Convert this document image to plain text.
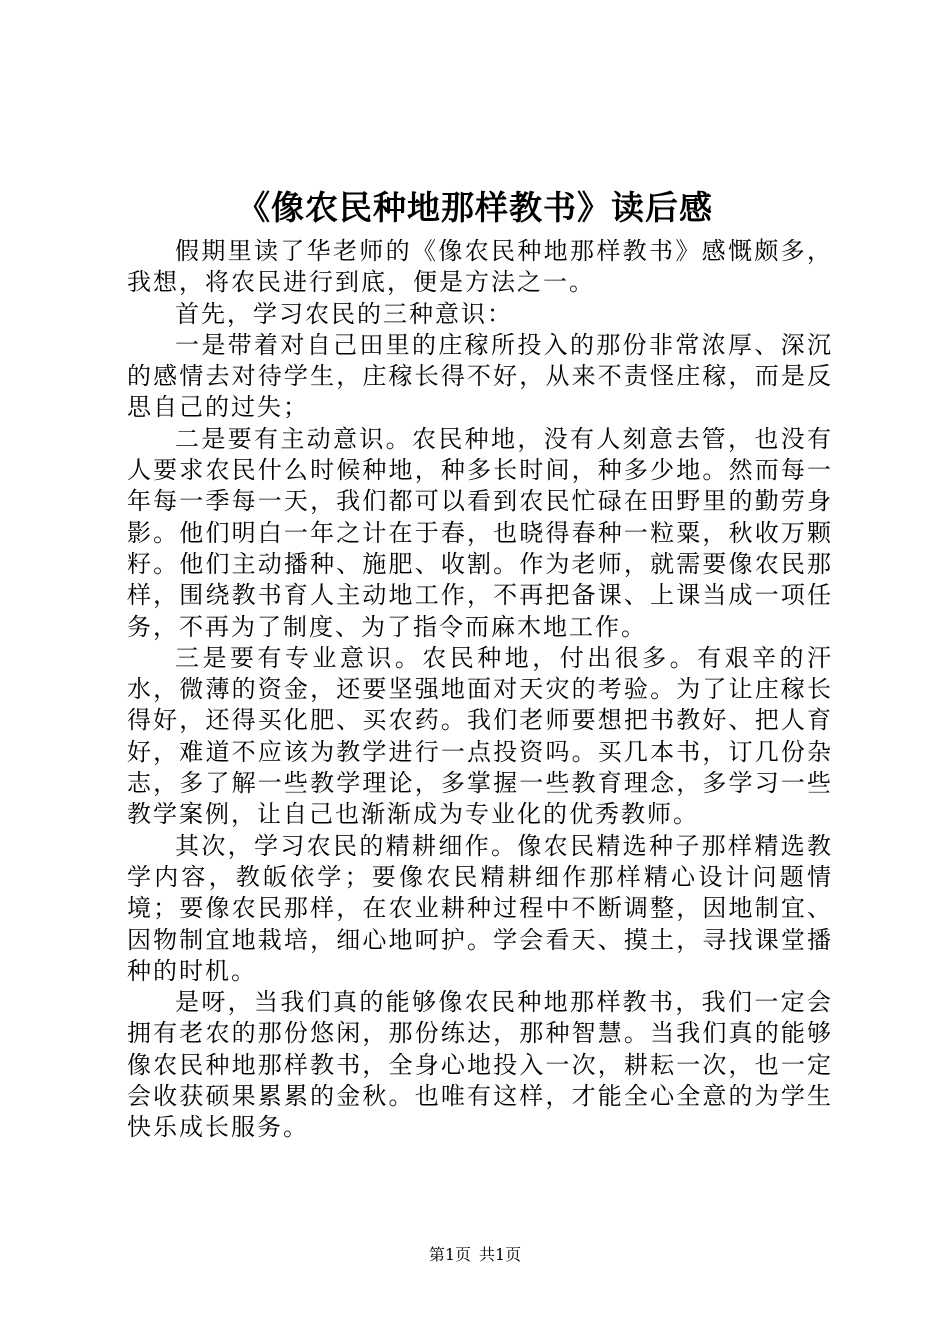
《像农民种地那样教书》读后感

假期里读了华老师的《像农民种地那样教书》感慨颇多，我想，将农民进行到底，便是方法之一。

首先，学习农民的三种意识：

一是带着对自己田里的庄稼所投入的那份非常浓厚、深沉的感情去对待学生，庄稼长得不好，从来不责怪庄稼，而是反思自己的过失；

二是要有主动意识。农民种地，没有人刻意去管，也没有人要求农民什么时候种地，种多长时间，种多少地。然而每一年每一季每一天，我们都可以看到农民忙碌在田野里的勤劳身影。他们明白一年之计在于春，也晓得春种一粒粟，秋收万颗籽。他们主动播种、施肥、收割。作为老师，就需要像农民那样，围绕教书育人主动地工作，不再把备课、上课当成一项任务，不再为了制度、为了指令而麻木地工作。

三是要有专业意识。农民种地，付出很多。有艰辛的汗水，微薄的资金，还要坚强地面对天灾的考验。为了让庄稼长得好，还得买化肥、买农药。我们老师要想把书教好、把人育好，难道不应该为教学进行一点投资吗。买几本书，订几份杂志，多了解一些教学理论，多掌握一些教育理念，多学习一些教学案例，让自己也渐渐成为专业化的优秀教师。

其次，学习农民的精耕细作。像农民精选种子那样精选教学内容，教皈依学；要像农民精耕细作那样精心设计问题情境；要像农民那样，在农业耕种过程中不断调整，因地制宜、因物制宜地栽培，细心地呵护。学会看天、摸土，寻找课堂播种的时机。

是呀，当我们真的能够像农民种地那样教书，我们一定会拥有老农的那份悠闲，那份练达，那种智慧。当我们真的能够像农民种地那样教书，全身心地投入一次，耕耘一次，也一定会收获硕果累累的金秋。也唯有这样，才能全心全意的为学生快乐成长服务。

第1页 共1页
